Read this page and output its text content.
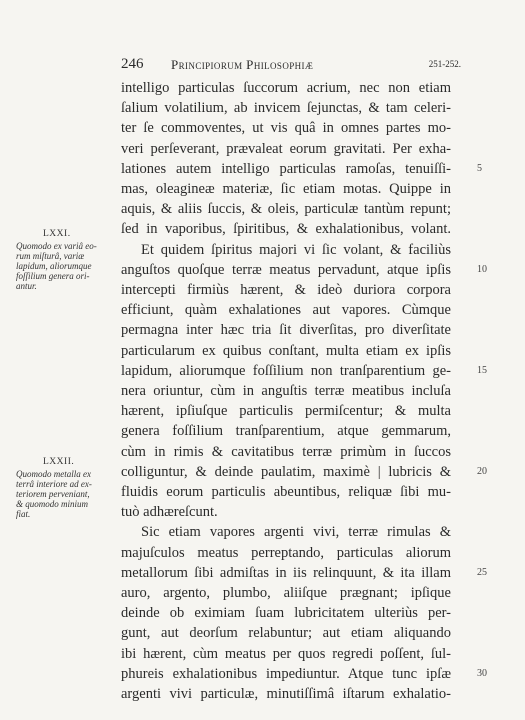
246 Principiorum Philosophiæ	251-252.
intelligo particulas ſuccorum acrium, nec non etiam
ſalium volatilium, ab invicem ſejunctas, & tam celeri-
ter ſe commoventes, ut vis quâ in omnes partes mo-
veri perſeverant, prævaleat eorum gravitati. Per exha-
lationes autem intelligo particulas ramoſas, tenuiſſi-
mas, oleagineæ materiæ, ſic etiam motas. Quippe in
aquis, & aliis ſuccis, & oleis, particulæ tantùm repunt;
ſed in vaporibus, ſpiritibus, & exhalationibus, volant.
Et quidem ſpiritus majori vi ſic volant, & faciliùs
anguſtos quoſque terræ meatus pervadunt, atque ipſis
intercepti firmiùs hærent, & ideò duriora corpora
efficiunt, quàm exhalationes aut vapores. Cùmque
permagna inter hæc tria ſit diverſitas, pro diverſitate
particularum ex quibus conſtant, multa etiam ex ipſis
lapidum, aliorumque foſſilium non tranſparentium ge-
nera oriuntur, cùm in anguſtis terræ meatibus incluſa
hærent, ipſiuſque particulis permiſcentur; & multa
genera foſſilium tranſparentium, atque gemmarum,
cùm in rimis & cavitatibus terræ primùm in ſuccos
colliguntur, & deinde paulatim, maximè | lubricis &
fluidis eorum particulis abeuntibus, reliquæ ſibi mu-
tuò adhæreſcunt.
Sic etiam vapores argenti vivi, terræ rimulas &
majuſculos meatus perreptando, particulas aliorum
metallorum ſibi admiſtas in iis relinquunt, & ita illam
auro, argento, plumbo, aliiſque prægnant; ipſique
deinde ob eximiam ſuam lubricitatem ulteriùs per-
gunt, aut deorſum relabuntur; aut etiam aliquando
ibi hærent, cùm meatus per quos regredi poſſent, ſul-
phureis exhalationibus impediuntur. Atque tunc ipſæ
argenti vivi particulæ, minutiſſimâ iſtarum exhalatio-
5
10
15
20
25
30
LXXI.
Quomodo ex variâ eo-
rum miſturâ, variæ
lapidum, aliorumque
foſſilium genera ori-
antur.
LXXII.
Quomodo metalla ex
terrâ interiore ad ex-
teriorem perveniant,
& quomodo minium
fiat.
